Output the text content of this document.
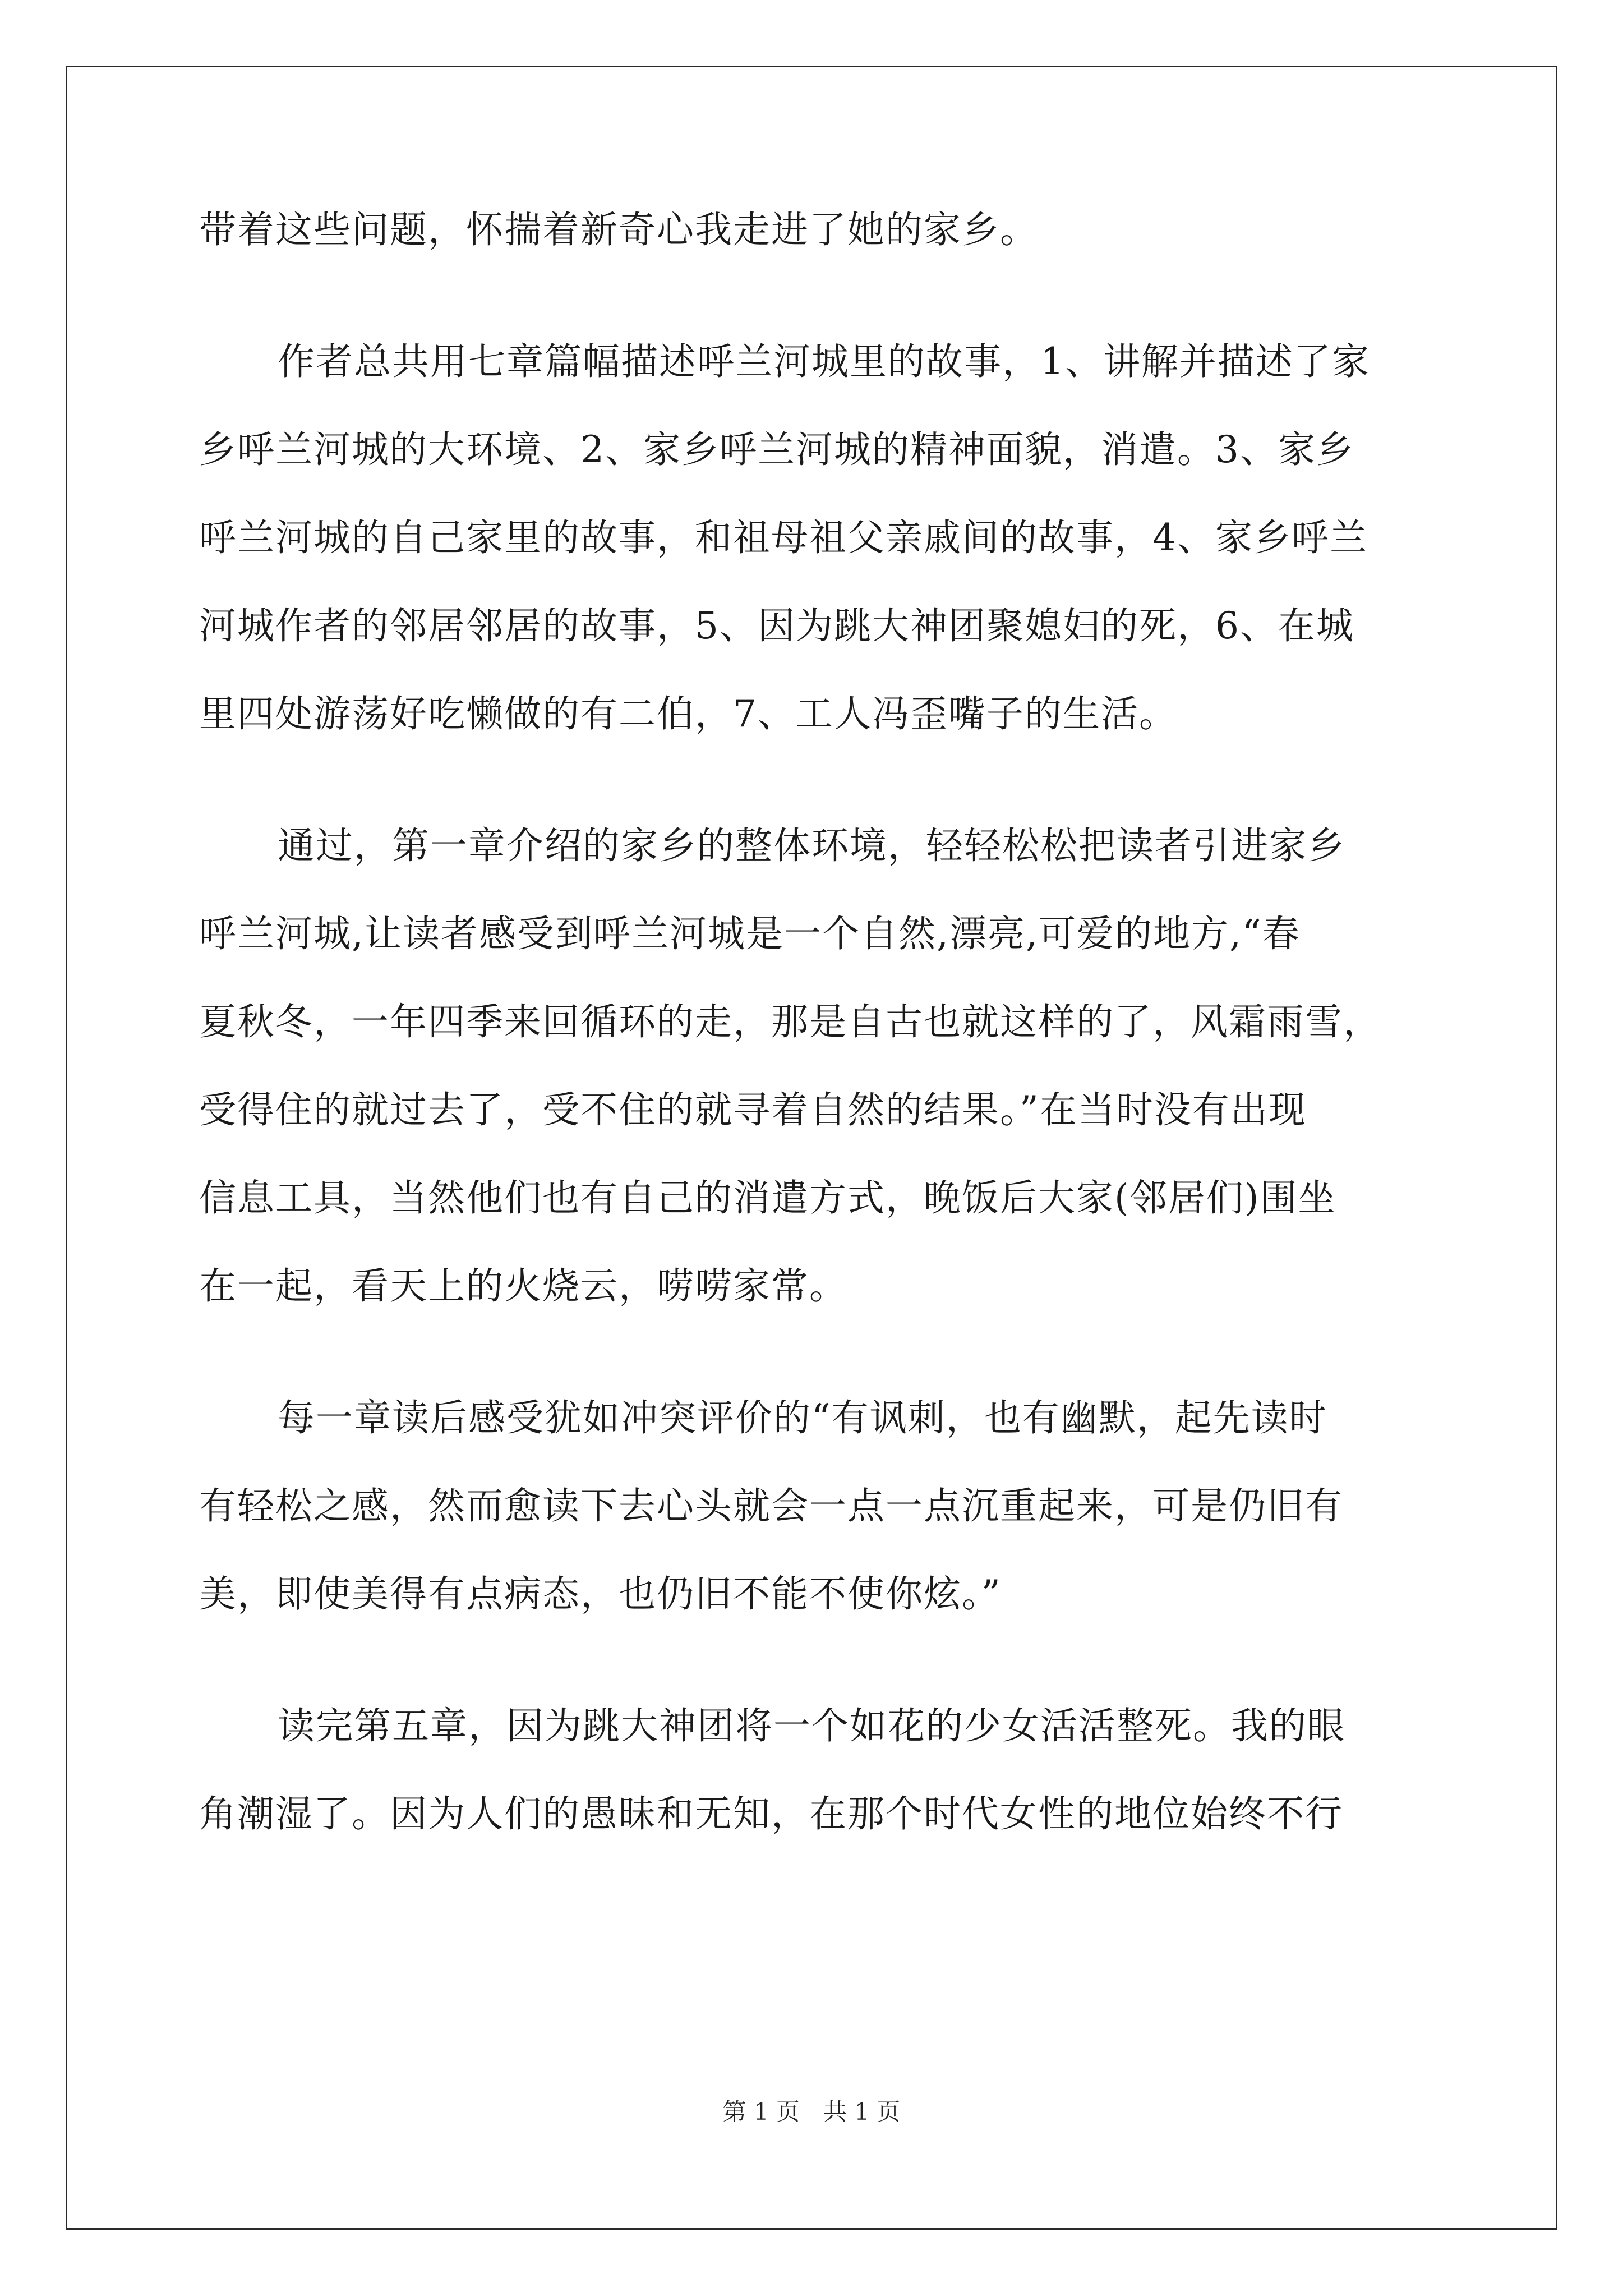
带着这些问题，怀揣着新奇心我走进了她的家乡。
作者总共用七章篇幅描述呼兰河城里的故事，1、讲解并描述了家
乡呼兰河城的大环境、2、家乡呼兰河城的精神面貌，消遣。3、家乡
呼兰河城的自己家里的故事，和祖母祖父亲戚间的故事，4、家乡呼兰
河城作者的邻居邻居的故事，5、因为跳大神团聚媳妇的死，6、在城
里四处游荡好吃懒做的有二伯，7、工人冯歪嘴子的生活。
通过，第一章介绍的家乡的整体环境，轻轻松松把读者引进家乡
呼兰河城,让读者感受到呼兰河城是一个自然,漂亮,可爱的地方,“春
夏秋冬，一年四季来回循环的走，那是自古也就这样的了，风霜雨雪，
受得住的就过去了，受不住的就寻着自然的结果。”在当时没有出现
信息工具，当然他们也有自己的消遣方式，晚饭后大家(邻居们)围坐
在一起，看天上的火烧云，唠唠家常。
每一章读后感受犹如冲突评价的“有讽刺，也有幽默，起先读时
有轻松之感，然而愈读下去心头就会一点一点沉重起来，可是仍旧有
美，即使美得有点病态，也仍旧不能不使你炫。”
读完第五章，因为跳大神团将一个如花的少女活活整死。我的眼
角潮湿了。因为人们的愚昧和无知，在那个时代女性的地位始终不行
第 1 页　共 1 页
